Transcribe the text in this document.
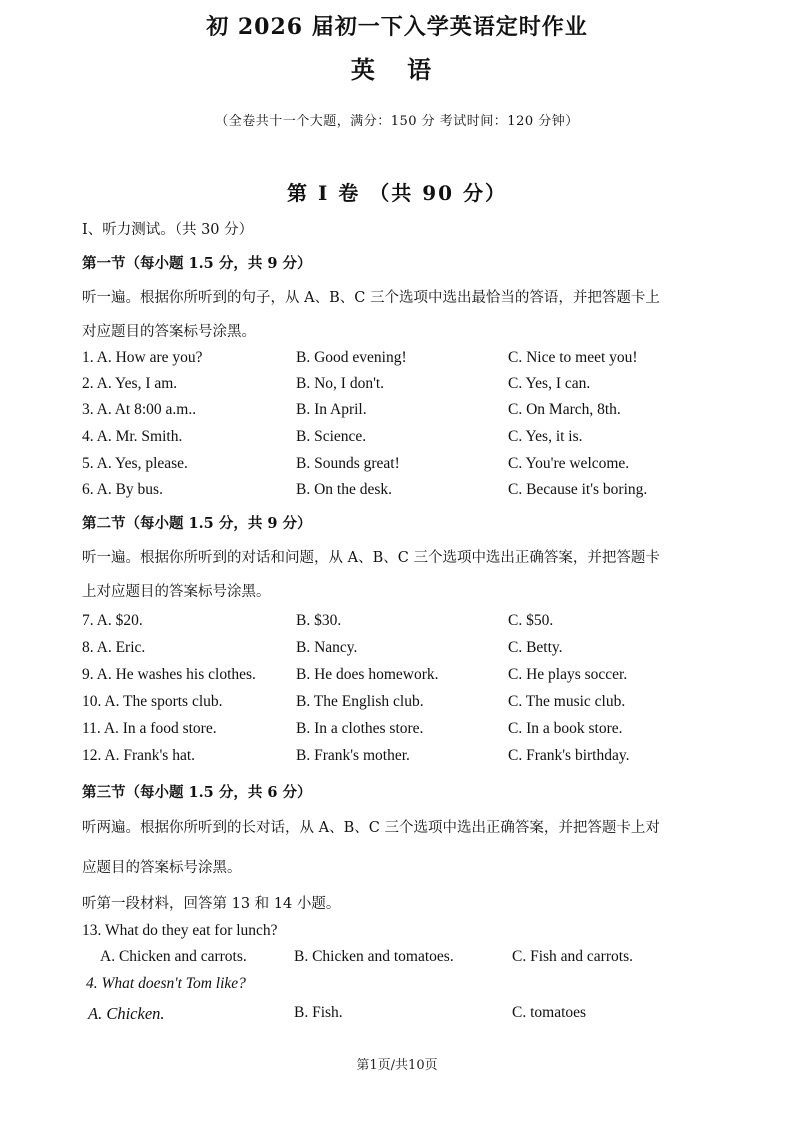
初 2026 届初一下入学英语定时作业
英 语
（全卷共十一个大题，满分：150 分 考试时间：120 分钟）
第 I 卷 （共 90 分）
Ⅰ、听力测试。（共 30 分）
第一节（每小题 1.5 分，共 9 分）
听一遍。根据你所听到的句子，从 A、B、C 三个选项中选出最恰当的答语，并把答题卡上
对应题目的答案标号涂黑。
1. A. How are you?	B. Good evening!	C. Nice to meet you!
2. A. Yes, I am.	B. No, I don't.	C. Yes, I can.
3. A. At 8:00 a.m..	B. In April.	C. On March, 8th.
4. A. Mr. Smith.	B. Science.	C. Yes, it is.
5. A. Yes, please.	B. Sounds great!	C. You're welcome.
6. A. By bus.	B. On the desk.	C. Because it's boring.
第二节（每小题 1.5 分，共 9 分）
听一遍。根据你所听到的对话和问题，从 A、B、C 三个选项中选出正确答案，并把答题卡
上对应题目的答案标号涂黑。
7. A. $20.	B. $30.	C. $50.
8. A. Eric.	B. Nancy.	C. Betty.
9. A. He washes his clothes.	B. He does homework.	C. He plays soccer.
10. A. The sports club.	B. The English club.	C. The music club.
11. A. In a food store.	B. In a clothes store.	C. In a book store.
12. A. Frank's hat.	B. Frank's mother.	C. Frank's birthday.
第三节（每小题 1.5 分，共 6 分）
听两遍。根据你所听到的长对话，从 A、B、C 三个选项中选出正确答案，并把答题卡上对
应题目的答案标号涂黑。
听第一段材料，回答第 13 和 14 小题。
13. What do they eat for lunch?
A. Chicken and carrots.	B. Chicken and tomatoes.	C. Fish and carrots.
4. What doesn't Tom like?
A. Chicken.	B. Fish.	C. tomatoes
第1页/共10页
